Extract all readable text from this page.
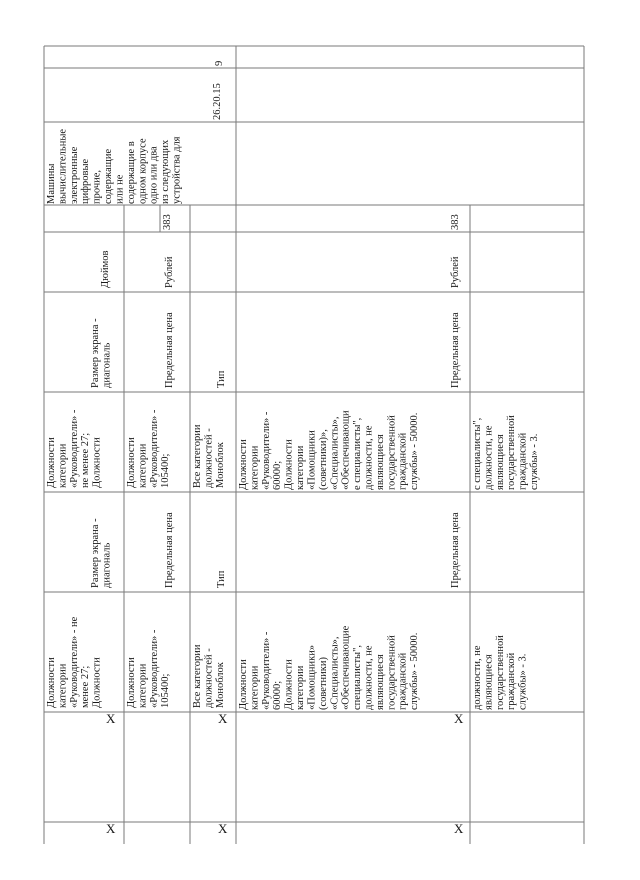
9
26.20.15
Машины
вычислительные
электронные
цифровые
прочие,
содержащие
или не
содержащие в
одном корпусе
одно или два
из следующих
устройства для
383
Рублей
Предельная цена
с специалисты",
должности, не
являющиеся
государственной
гражданской
службы» - 3.
Должности
категории
«Руководители» -
60000;
Должности
категории
«Помощники
(советники)»,
«Специалисты»,
«Обеспечивающи
е специалисты",
должности, не
являющиеся
государственной
гражданской
службы» - 50000.
Предельная цена
должности, не
являющиеся
государственной
гражданской
службы» - 3.
Должности
категории
«Руководители» -
60000;
Должности
категории
«Помощники»
(советники)
«Специалисты»,
«Обеспечивающие
специалисты",
должности, не
являющиеся
государственной
гражданской
службы» - 50000.
X
X
Тип
Все категории
должностей -
Моноблок
Тип
Все категории
должностей -
Моноблок
X
X
383
Рублей
Предельная цена
Должности
категории
«Руководители» -
105400;
Предельная цена
Должности
категории
«Руководители» -
105400;
Дюймов
Размер экрана -
диагональ
Должности
категории
«Руководители» -
не менее 27;
Должности
Размер экрана -
диагональ
Должности
категории
«Руководители» - не
менее 27;
Должности
X
X
